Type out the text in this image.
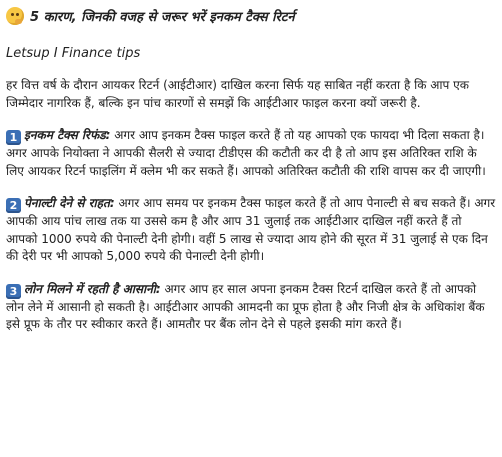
5 कारण, जिनकी वजह से जरूर भरें इनकम टैक्स रिटर्न
Letsup I Finance tips

हर वित्त वर्ष के दौरान आयकर रिटर्न (आईटीआर) दाखिल करना सिर्फ यह साबित नहीं करता है कि आप एक जिम्मेदार नागरिक हैं, बल्कि इन पांच कारणों से समझें कि आईटीआर फाइल करना क्यों जरूरी है.

1 इनकम टैक्स रिफंड: अगर आप इनकम टैक्स फाइल करते हैं तो यह आपको एक फायदा भी दिला सकता है। अगर आपके नियोक्ता ने आपकी सैलरी से ज्यादा टीडीएस की कटौती कर दी है तो आप इस अतिरिक्त राशि के लिए आयकर रिटर्न फाइलिंग में क्लेम भी कर सकते हैं। आपको अतिरिक्त कटौती की राशि वापस कर दी जाएगी।

2 पेनाल्टी देने से राहत: अगर आप समय पर इनकम टैक्स फाइल करते हैं तो आप पेनाल्टी से बच सकते हैं। अगर आपकी आय पांच लाख तक या उससे कम है और आप 31 जुलाई तक आईटीआर दाखिल नहीं करते हैं तो आपको 1000 रुपये की पेनाल्टी देनी होगी। वहीं 5 लाख से ज्यादा आय होने की सूरत में 31 जुलाई से एक दिन की देरी पर भी आपको 5,000 रुपये की पेनाल्टी देनी होगी।

3 लोन मिलने में रहती है आसानी: अगर आप हर साल अपना इनकम टैक्स रिटर्न दाखिल करते हैं तो आपको लोन लेने में आसानी हो सकती है। आईटीआर आपकी आमदनी का प्रूफ होता है और निजी क्षेत्र के अधिकांश बैंक इसे प्रूफ के तौर पर स्वीकार करते हैं। आमतौर पर बैंक लोन देने से पहले इसकी मांग करते हैं।
